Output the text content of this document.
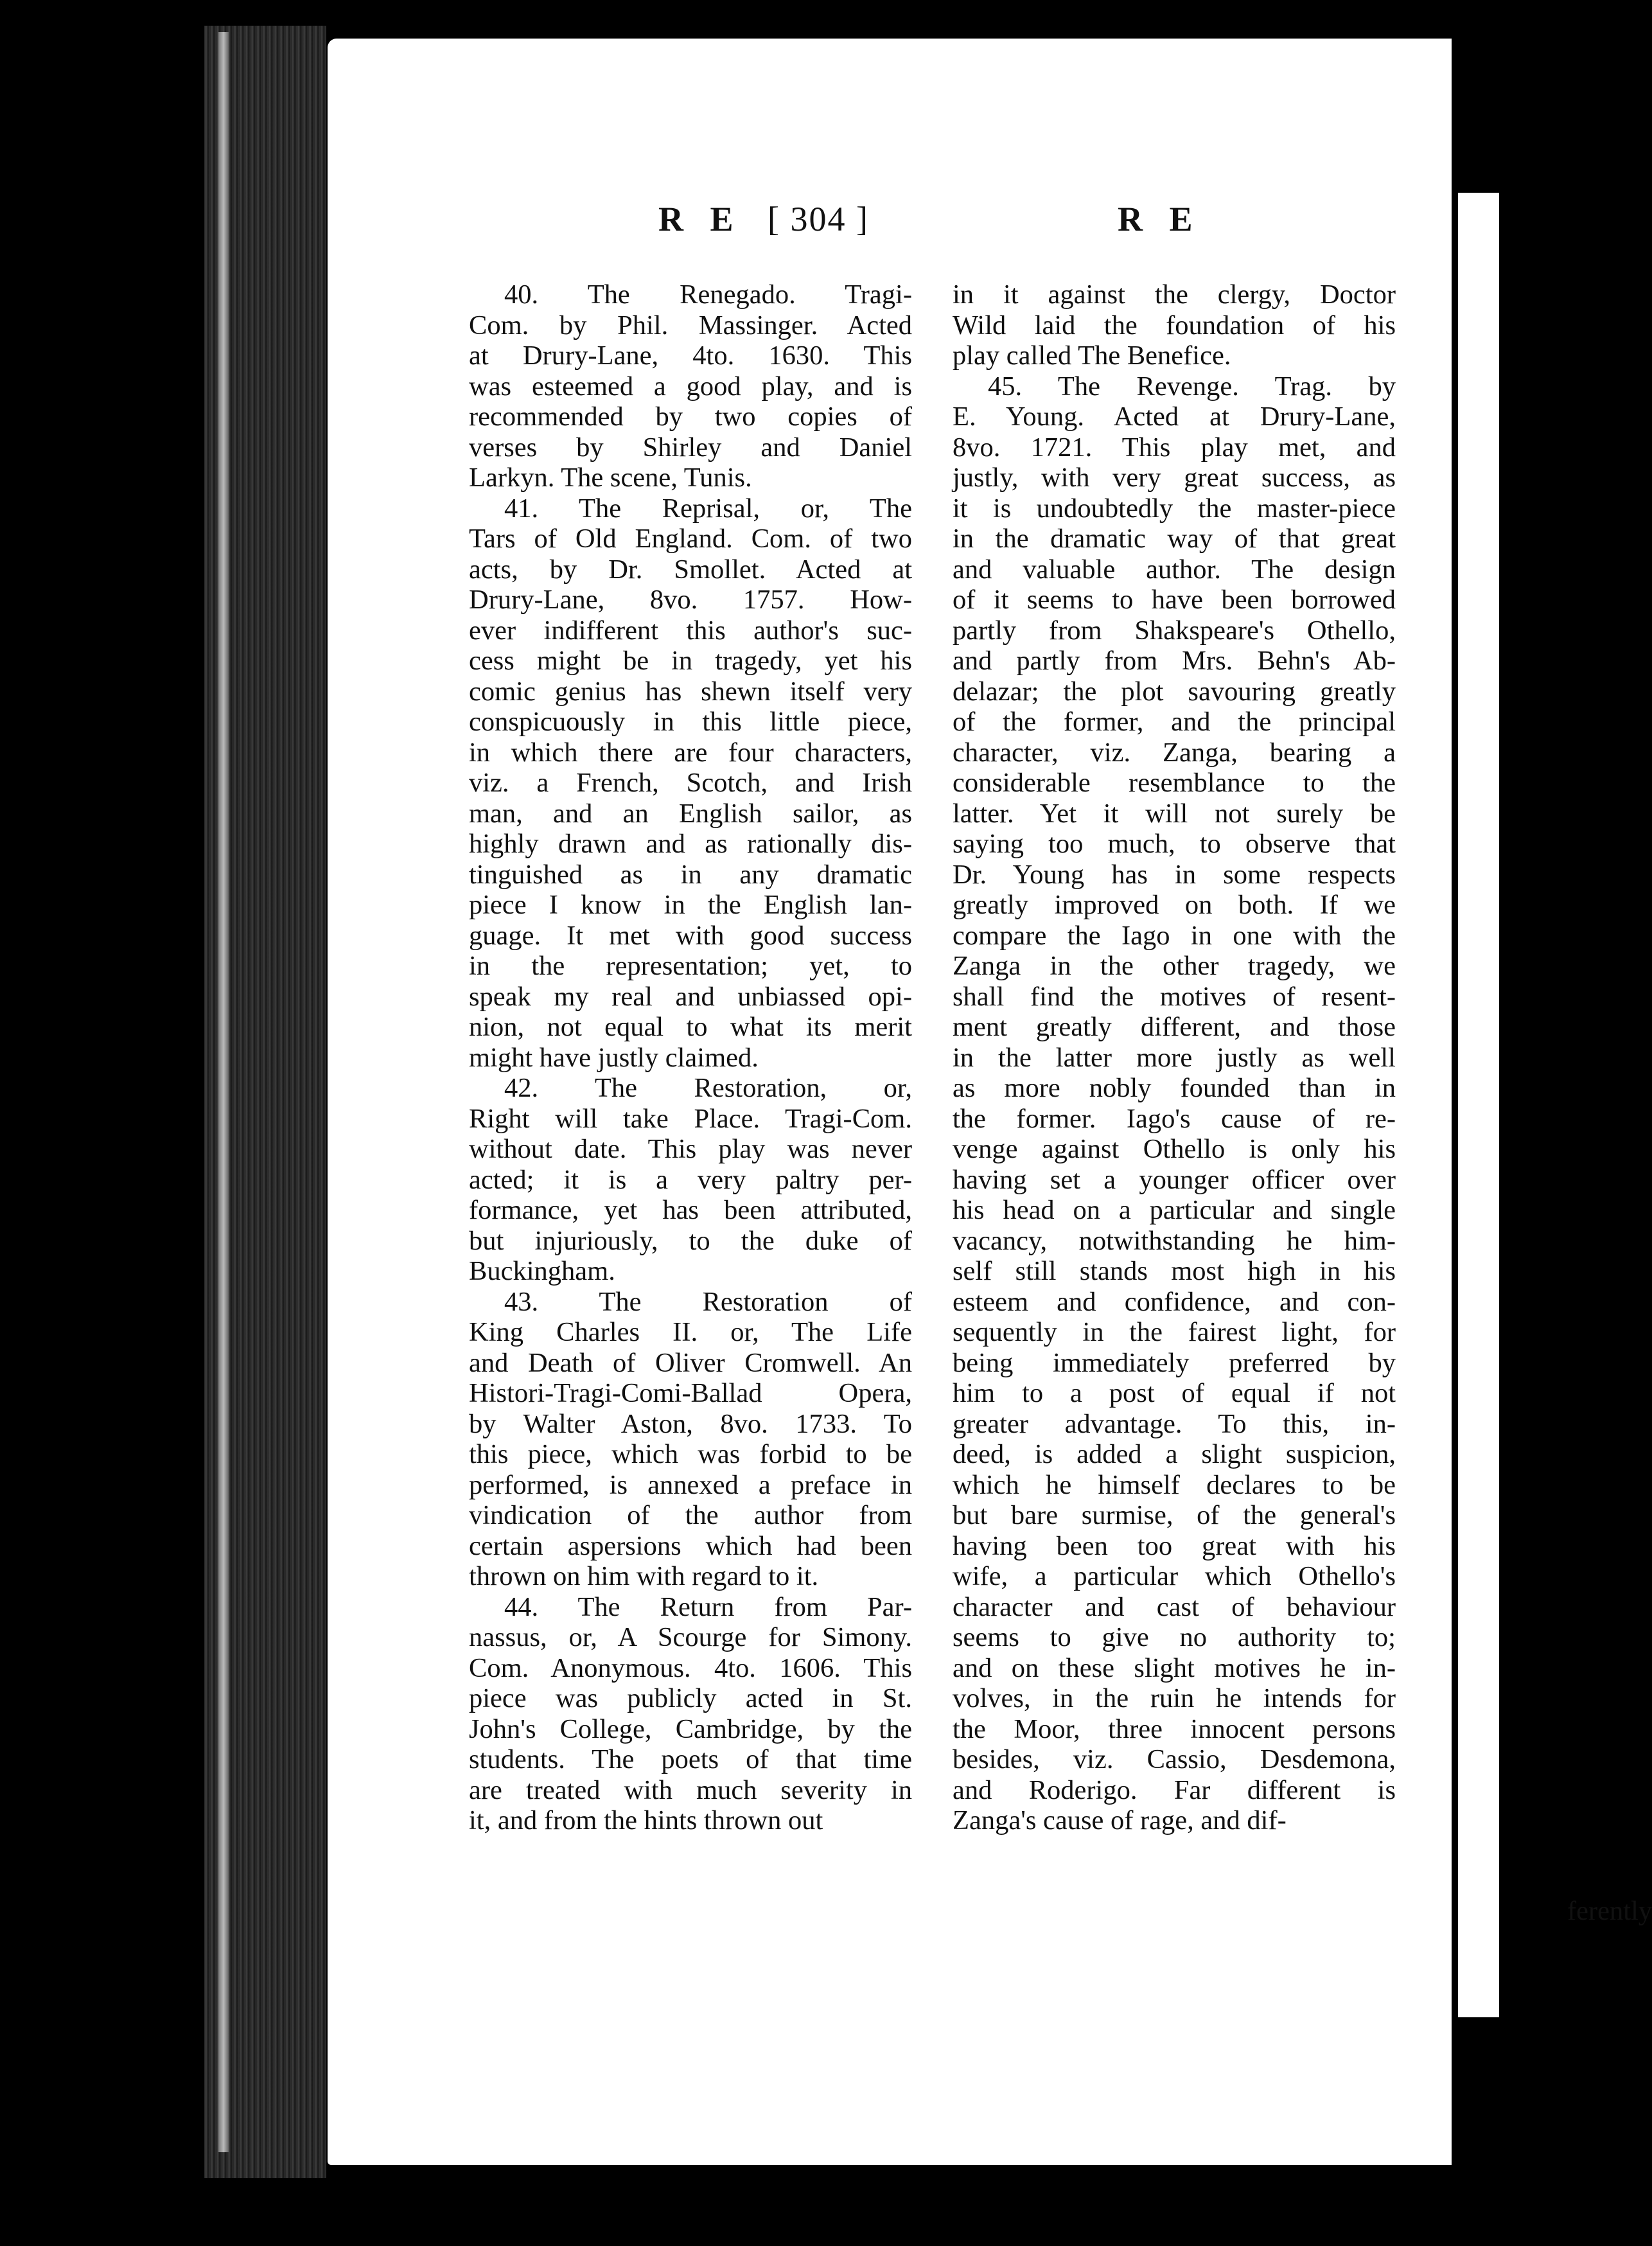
R E [ 304 ]	R E
40. The Renegado. Tragi-
Com. by Phil. Massinger. Acted
at Drury-Lane, 4to. 1630. This
was esteemed a good play, and is
recommended by two copies of
verses by Shirley and Daniel
Larkyn. The scene, Tunis.
41. The Reprisal, or, The
Tars of Old England. Com. of two
acts, by Dr. Smollet. Acted at
Drury-Lane, 8vo. 1757. How-
ever indifferent this author's suc-
cess might be in tragedy, yet his
comic genius has shewn itself very
conspicuously in this little piece,
in which there are four characters,
viz. a French, Scotch, and Irish
man, and an English sailor, as
highly drawn and as rationally dis-
tinguished as in any dramatic
piece I know in the English lan-
guage. It met with good success
in the representation; yet, to
speak my real and unbiassed opi-
nion, not equal to what its merit
might have justly claimed.
42. The Restoration, or,
Right will take Place. Tragi-Com.
without date. This play was never
acted; it is a very paltry per-
formance, yet has been attributed,
but injuriously, to the duke of
Buckingham.
43. The Restoration of
King Charles II. or, The Life
and Death of Oliver Cromwell. An
Histori-Tragi-Comi-Ballad Opera,
by Walter Aston, 8vo. 1733. To
this piece, which was forbid to be
performed, is annexed a preface in
vindication of the author from
certain aspersions which had been
thrown on him with regard to it.
44. The Return from Par-
nassus, or, A Scourge for Simony.
Com. Anonymous. 4to. 1606. This
piece was publicly acted in St.
John's College, Cambridge, by the
students. The poets of that time
are treated with much severity in
it, and from the hints thrown out
in it against the clergy, Doctor
Wild laid the foundation of his
play called The Benefice.
45. The Revenge. Trag. by
E. Young. Acted at Drury-Lane,
8vo. 1721. This play met, and
justly, with very great success, as
it is undoubtedly the master-piece
in the dramatic way of that great
and valuable author. The design
of it seems to have been borrowed
partly from Shakspeare's Othello,
and partly from Mrs. Behn's Ab-
delazar; the plot savouring greatly
of the former, and the principal
character, viz. Zanga, bearing a
considerable resemblance to the
latter. Yet it will not surely be
saying too much, to observe that
Dr. Young has in some respects
greatly improved on both. If we
compare the Iago in one with the
Zanga in the other tragedy, we
shall find the motives of resent-
ment greatly different, and those
in the latter more justly as well
as more nobly founded than in
the former. Iago's cause of re-
venge against Othello is only his
having set a younger officer over
his head on a particular and single
vacancy, notwithstanding he him-
self still stands most high in his
esteem and confidence, and con-
sequently in the fairest light, for
being immediately preferred by
him to a post of equal if not
greater advantage. To this, in-
deed, is added a slight suspicion,
which he himself declares to be
but bare surmise, of the general's
having been too great with his
wife, a particular which Othello's
character and cast of behaviour
seems to give no authority to;
and on these slight motives he in-
volves, in the ruin he intends for
the Moor, three innocent persons
besides, viz. Cassio, Desdemona,
and Roderigo. Far different is
Zanga's cause of rage, and dif-
ferently
